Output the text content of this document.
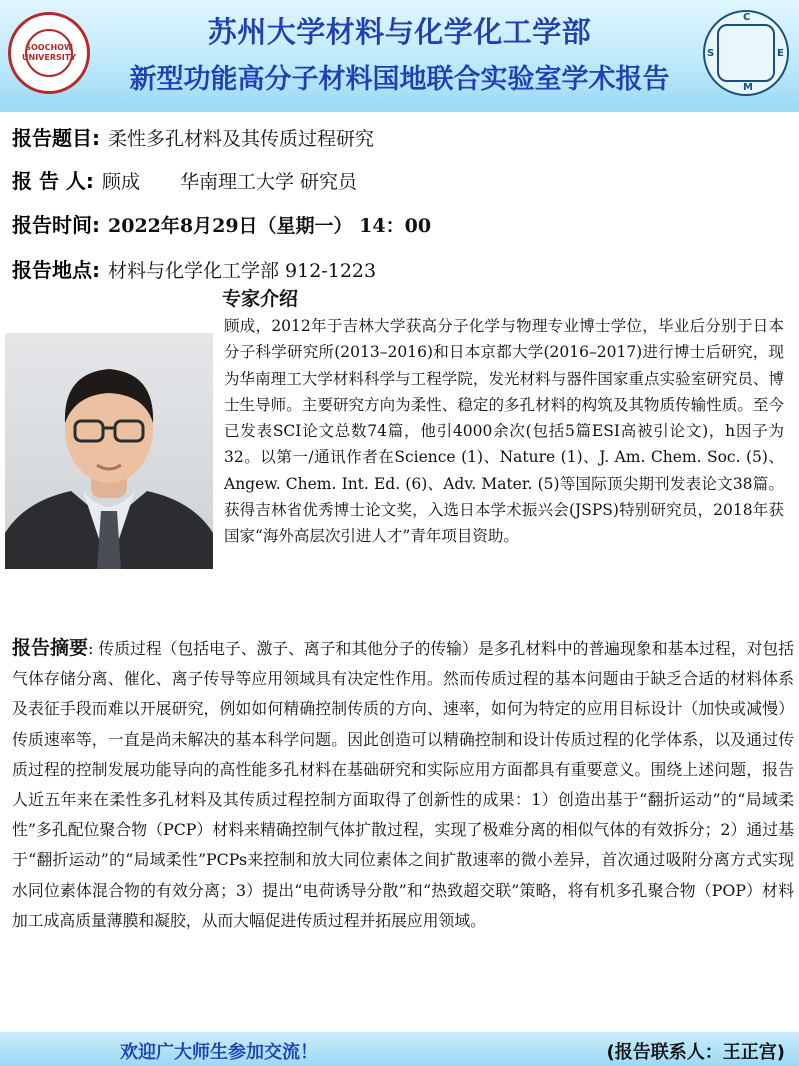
SOOCHOW UNIVERSITY
苏州大学材料与化学化工学部
新型功能高分子材料国地联合实验室学术报告
C
S	E
M
报告题目: 柔性多孔材料及其传质过程研究
报 告 人: 顾成 华南理工大学 研究员
报告时间: 2022年8月29日（星期一） 14：00
报告地点: 材料与化学化工学部 912-1223
专家介绍
顾成，2012年于吉林大学获高分子化学与物理专业博士学位，毕业后分别于日本分子科学研究所(2013–2016)和日本京都大学(2016–2017)进行博士后研究，现为华南理工大学材料科学与工程学院，发光材料与器件国家重点实验室研究员、博士生导师。主要研究方向为柔性、稳定的多孔材料的构筑及其物质传输性质。至今已发表SCI论文总数74篇，他引4000余次(包括5篇ESI高被引论文)，h因子为32。以第一/通讯作者在Science (1)、Nature (1)、J. Am. Chem. Soc. (5)、Angew. Chem. Int. Ed. (6)、Adv. Mater. (5)等国际顶尖期刊发表论文38篇。获得吉林省优秀博士论文奖，入选日本学术振兴会(JSPS)特别研究员，2018年获国家“海外高层次引进人才”青年项目资助。
报告摘要: 传质过程（包括电子、激子、离子和其他分子的传输）是多孔材料中的普遍现象和基本过程，对包括气体存储分离、催化、离子传导等应用领域具有决定性作用。然而传质过程的基本问题由于缺乏合适的材料体系及表征手段而难以开展研究，例如如何精确控制传质的方向、速率，如何为特定的应用目标设计（加快或减慢）传质速率等，一直是尚未解决的基本科学问题。因此创造可以精确控制和设计传质过程的化学体系，以及通过传质过程的控制发展功能导向的高性能多孔材料在基础研究和实际应用方面都具有重要意义。围绕上述问题，报告人近五年来在柔性多孔材料及其传质过程控制方面取得了创新性的成果：1）创造出基于“翻折运动”的“局域柔性”多孔配位聚合物（PCP）材料来精确控制气体扩散过程，实现了极难分离的相似气体的有效拆分；2）通过基于“翻折运动”的“局域柔性”PCPs来控制和放大同位素体之间扩散速率的微小差异，首次通过吸附分离方式实现水同位素体混合物的有效分离；3）提出“电荷诱导分散”和“热致超交联”策略，将有机多孔聚合物（POP）材料加工成高质量薄膜和凝胶，从而大幅促进传质过程并拓展应用领域。
欢迎广大师生参加交流！	(报告联系人：王正宫)
